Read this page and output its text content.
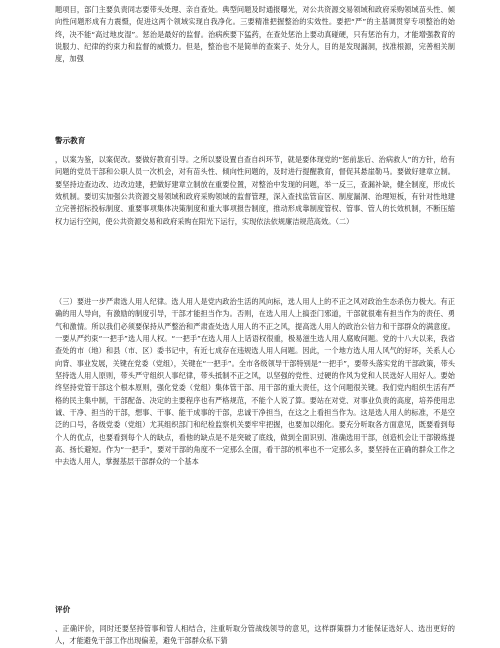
题项目，部门主要负责同志要带头处理、亲自查处。典型问题及时通报曝光，对公共资源交易领域和政府采购领域苗头性、倾向性问题形成有力震慑，促进这两个领域实现自我净化。三要精准把握整治的实效性。要把“严”的主基调贯穿专项整治的始终，决不能“高过地皮湿”。惩治是最好的监督。治病疾要下猛药，在查处惩治上要动真碰硬，只有惩治有力，才能增强教育的说服力、纪律的约束力和监督的威慑力。但是，整治也不是简单的查案子、处分人，目的是发现漏洞，找准根源，完善相关制度，加强

警示教育

，以案为鉴，以案促改。要做好教育引导。之所以要设置自查自纠环节，就是要体现党的“惩前毖后、治病救人”的方针，给有问题的党员干部和公职人员一次机会，对有苗头性、倾向性问题的，及时进行提醒教育，督促其悬崖勒马。要做好建章立制。要坚持边查边改、边改边建，把做好建章立制放在重要位置，对整治中发现的问题，举一反三，查漏补缺，健全制度，形成长效机制。要切实加强公共资源交易领域和政府采购领域的监督管理，深入查找监管盲区、制度漏洞、治理短板，有针对性地建立完善招标投标制度、重要事项集体决策制度和重大事项报告制度，推动形成靠制度管权、管事、管人的长效机制，不断压缩权力运行空间，使公共资源交易和政府采购在阳光下运行，实现依法依规廉洁规范高效。（二）

（三）要进一步严肃选人用人纪律。选人用人是党内政治生活的风向标，选人用人上的不正之风对政治生态杀伤力极大。有正确的用人导向，有激励的制度引导，干部才能担当作为。否则，在选人用人上搞歪门邪道，干部就很难有担当作为的责任、勇气和激情。所以我们必须要保持从严整治和严肃查处选人用人的不正之风，提高选人用人的政治公信力和干部群众的满意度。一要从严约束“一把手”选人用人权。“一把手”在选人用人上话语权很重，极易滋生选人用人腐败问题。党的十八大以来，我省查处的市（地）和县（市、区）委书记中，有近七成存在违规选人用人问题。因此，一个地方选人用人风气的好坏，关系人心向背、事业发展，关键在党委（党组），关键在“一把手”。全市各级领导干部特别是“一把手”，要带头落实党的干部政策，带头坚持选人用人原则，带头严守组织人事纪律，带头抵制不正之风，以坚强的党性、过硬的作风为党和人民选好人用好人。要始终坚持党管干部这个根本原则，强化党委（党组）集体管干部、用干部的重大责任，这个问题很关键。我们党内组织生活有严格的民主集中制，干部配备、决定的主要程序也有严格规范，不能个人说了算。要站在对党、对事业负责的高度，培养使用忠诚、干净、担当的干部，想事、干事、能干成事的干部，忠诚干净担当，在这之上看担当作为。这是选人用人的标准，不是空泛的口号，各级党委（党组）尤其组织部门和纪检监察机关要牢牢把握，也要加以细化。要充分听取各方面意见，既要看到每个人的优点，也要看到每个人的缺点，看他的缺点是不是突破了底线，做到全面识别、准确选用干部，创造机会让干部锻炼提高、扬长避短。作为“一把手”，要对干部的角度不一定那么全面，看干部的机率也不一定那么多，要坚持在正确的群众工作之中去选人用人，掌握基层干部群众的一个基本

评价

、正确评价，同时还要坚持管事和管人相结合，注重听取分管战线领导的意见，这样群策群力才能保证选好人、选出更好的人，才能避免干部工作出现偏差，避免干部群众私下猜
